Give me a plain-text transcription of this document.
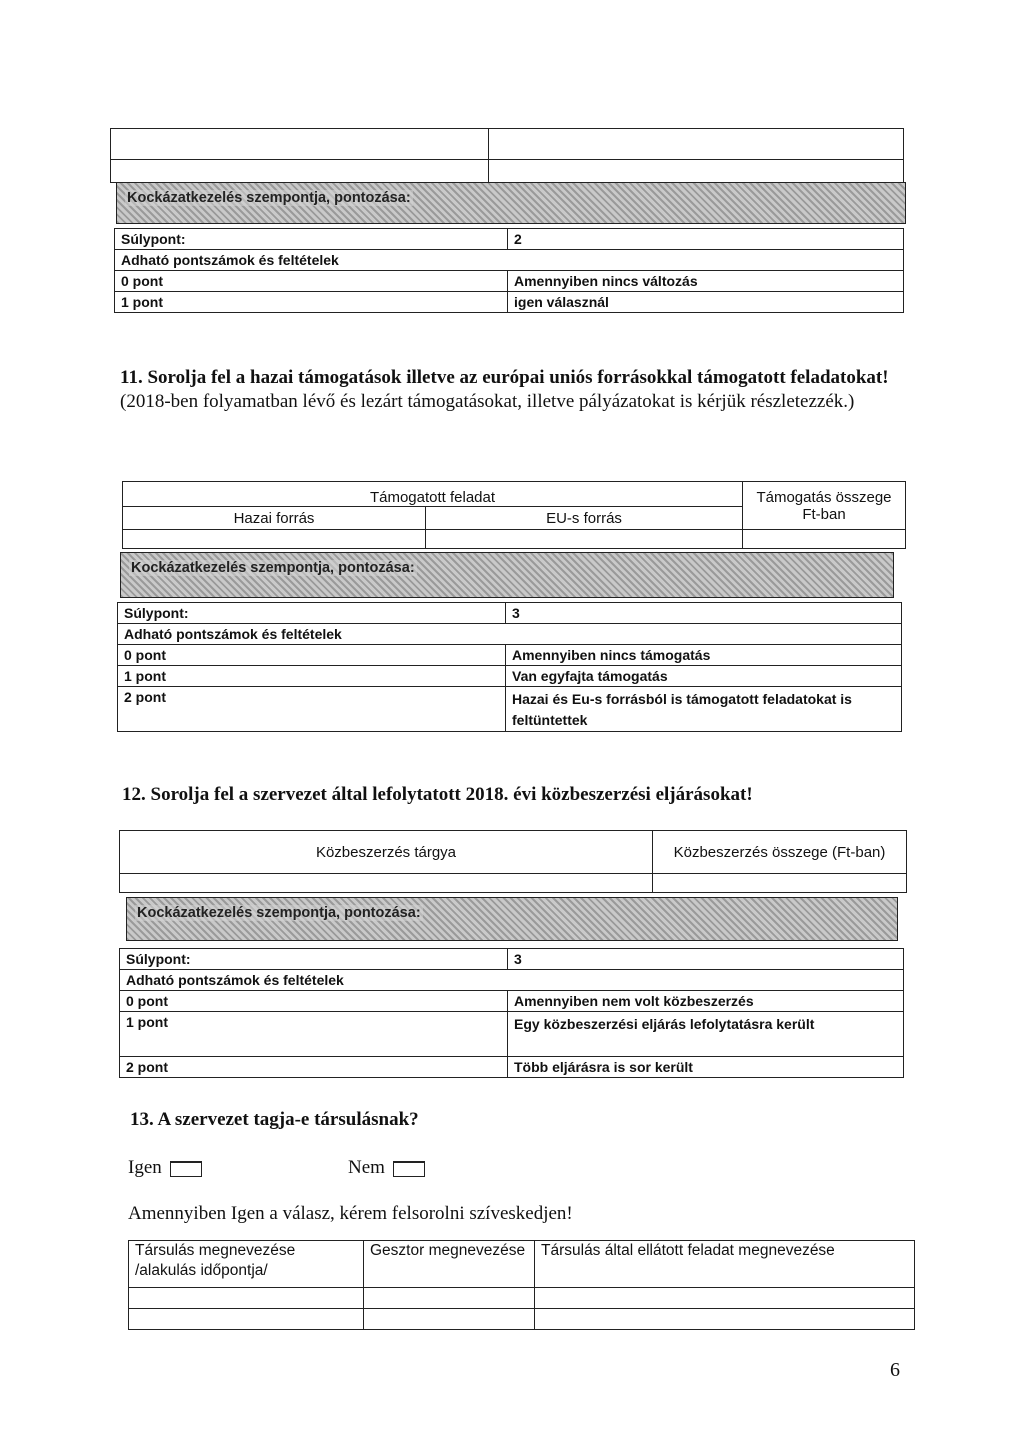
Kockázatkezelés szempontja, pontozása:
Súlypont:	2
Adható pontszámok és feltételek	
0 pont	Amennyiben nincs változás
1 pont	igen válasznál
11. Sorolja fel a hazai támogatások illetve az európai uniós forrásokkal támogatott feladatokat!
(2018-ben folyamatban lévő és lezárt támogatásokat, illetve pályázatokat is kérjük részletezzék.)
Támogatott feladat		Támogatás összege Ft-ban
Hazai forrás	EU-s forrás	

Kockázatkezelés szempontja, pontozása:
Súlypont:	3
Adható pontszámok és feltételek	
0 pont	Amennyiben nincs támogatás
1 pont	Van egyfajta támogatás
2 pont	Hazai és Eu-s forrásból is támogatott feladatokat is feltüntettek
12. Sorolja fel a szervezet által lefolytatott 2018. évi közbeszerzési eljárásokat!
Közbeszerzés tárgya	Közbeszerzés összege (Ft-ban)

Kockázatkezelés szempontja, pontozása:
Súlypont:	3
Adható pontszámok és feltételek	
0 pont	Amennyiben nem volt közbeszerzés
1 pont	Egy közbeszerzési eljárás lefolytatásra került
2 pont	Több eljárásra is sor került
13. A szervezet tagja-e társulásnak?
Igen	Nem
Amennyiben Igen a válasz, kérem felsorolni szíveskedjen!
Társulás megnevezése /alakulás időpontja/	Gesztor megnevezése	Társulás által ellátott feladat megnevezése

6
